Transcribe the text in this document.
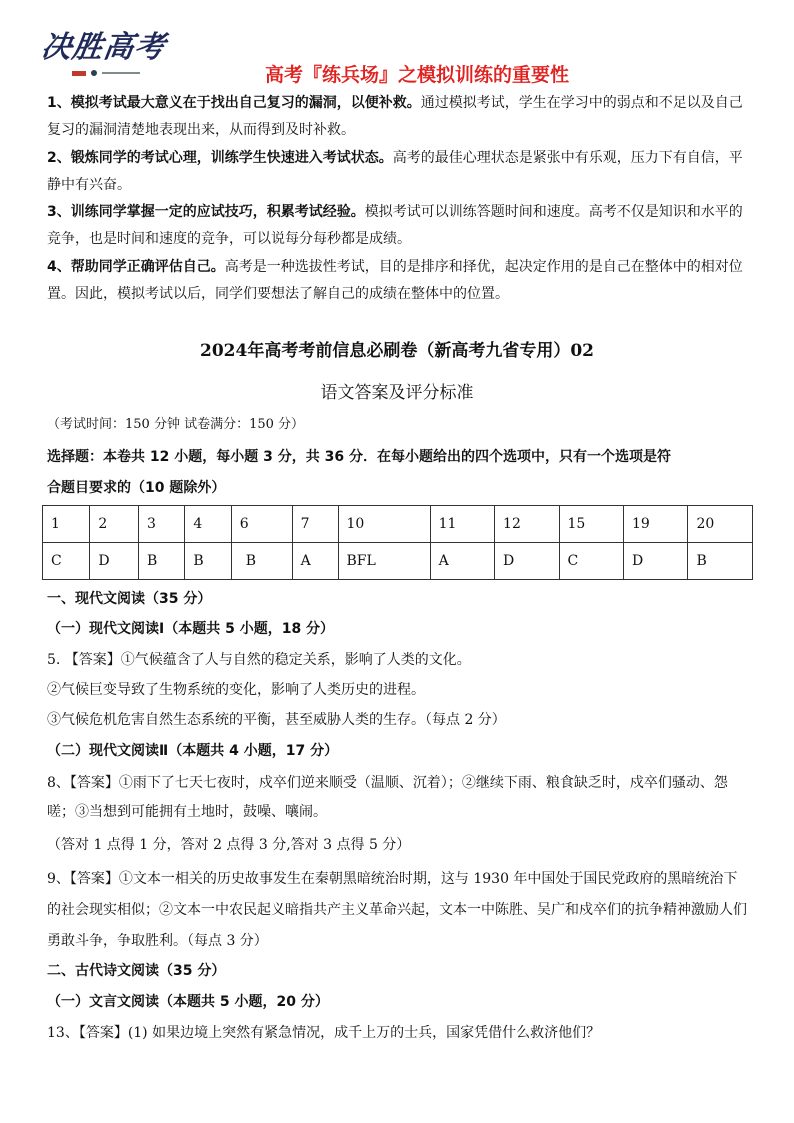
决胜高考
高考『练兵场』之模拟训练的重要性
1、模拟考试最大意义在于找出自己复习的漏洞，以便补救。通过模拟考试，学生在学习中的弱点和不足以及自己复习的漏洞清楚地表现出来，从而得到及时补救。
2、锻炼同学的考试心理，训练学生快速进入考试状态。高考的最佳心理状态是紧张中有乐观，压力下有自信，平静中有兴奋。
3、训练同学掌握一定的应试技巧，积累考试经验。模拟考试可以训练答题时间和速度。高考不仅是知识和水平的竞争，也是时间和速度的竞争，可以说每分每秒都是成绩。
4、帮助同学正确评估自己。高考是一种选拔性考试，目的是排序和择优，起决定作用的是自己在整体中的相对位置。因此，模拟考试以后，同学们要想法了解自己的成绩在整体中的位置。
2024年高考考前信息必刷卷（新高考九省专用）02
语文答案及评分标准
（考试时间：150 分钟 试卷满分：150 分）
选择题：本卷共 12 小题，每小题 3 分，共 36 分．在每小题给出的四个选项中，只有一个选项是符
合题目要求的（10 题除外）
1	2	3	4	6	7	10	11	12	15	19	20
C	D	B	B	B	A	BFL	A	D	C	D	B
一、现代文阅读（35 分）
（一）现代文阅读Ⅰ（本题共 5 小题，18 分）
5. 【答案】①气候蕴含了人与自然的稳定关系，影响了人类的文化。
②气候巨变导致了生物系统的变化，影响了人类历史的进程。
③气候危机危害自然生态系统的平衡，甚至威胁人类的生存。（每点 2 分）
（二）现代文阅读Ⅱ（本题共 4 小题，17 分）
8、【答案】①雨下了七天七夜时，戍卒们逆来顺受（温顺、沉着）；②继续下雨、粮食缺乏时，戍卒们骚动、怨嗟；③当想到可能拥有土地时，鼓噪、嚷闹。
（答对 1 点得 1 分，答对 2 点得 3 分,答对 3 点得 5 分）
9、【答案】①文本一相关的历史故事发生在秦朝黑暗统治时期，这与 1930 年中国处于国民党政府的黑暗统治下的社会现实相似；②文本一中农民起义暗指共产主义革命兴起，文本一中陈胜、吴广和戍卒们的抗争精神激励人们勇敢斗争，争取胜利。（每点 3 分）
二、古代诗文阅读（35 分）
（一）文言文阅读（本题共 5 小题，20 分）
13、【答案】(1) 如果边境上突然有紧急情况，成千上万的士兵，国家凭借什么救济他们？
